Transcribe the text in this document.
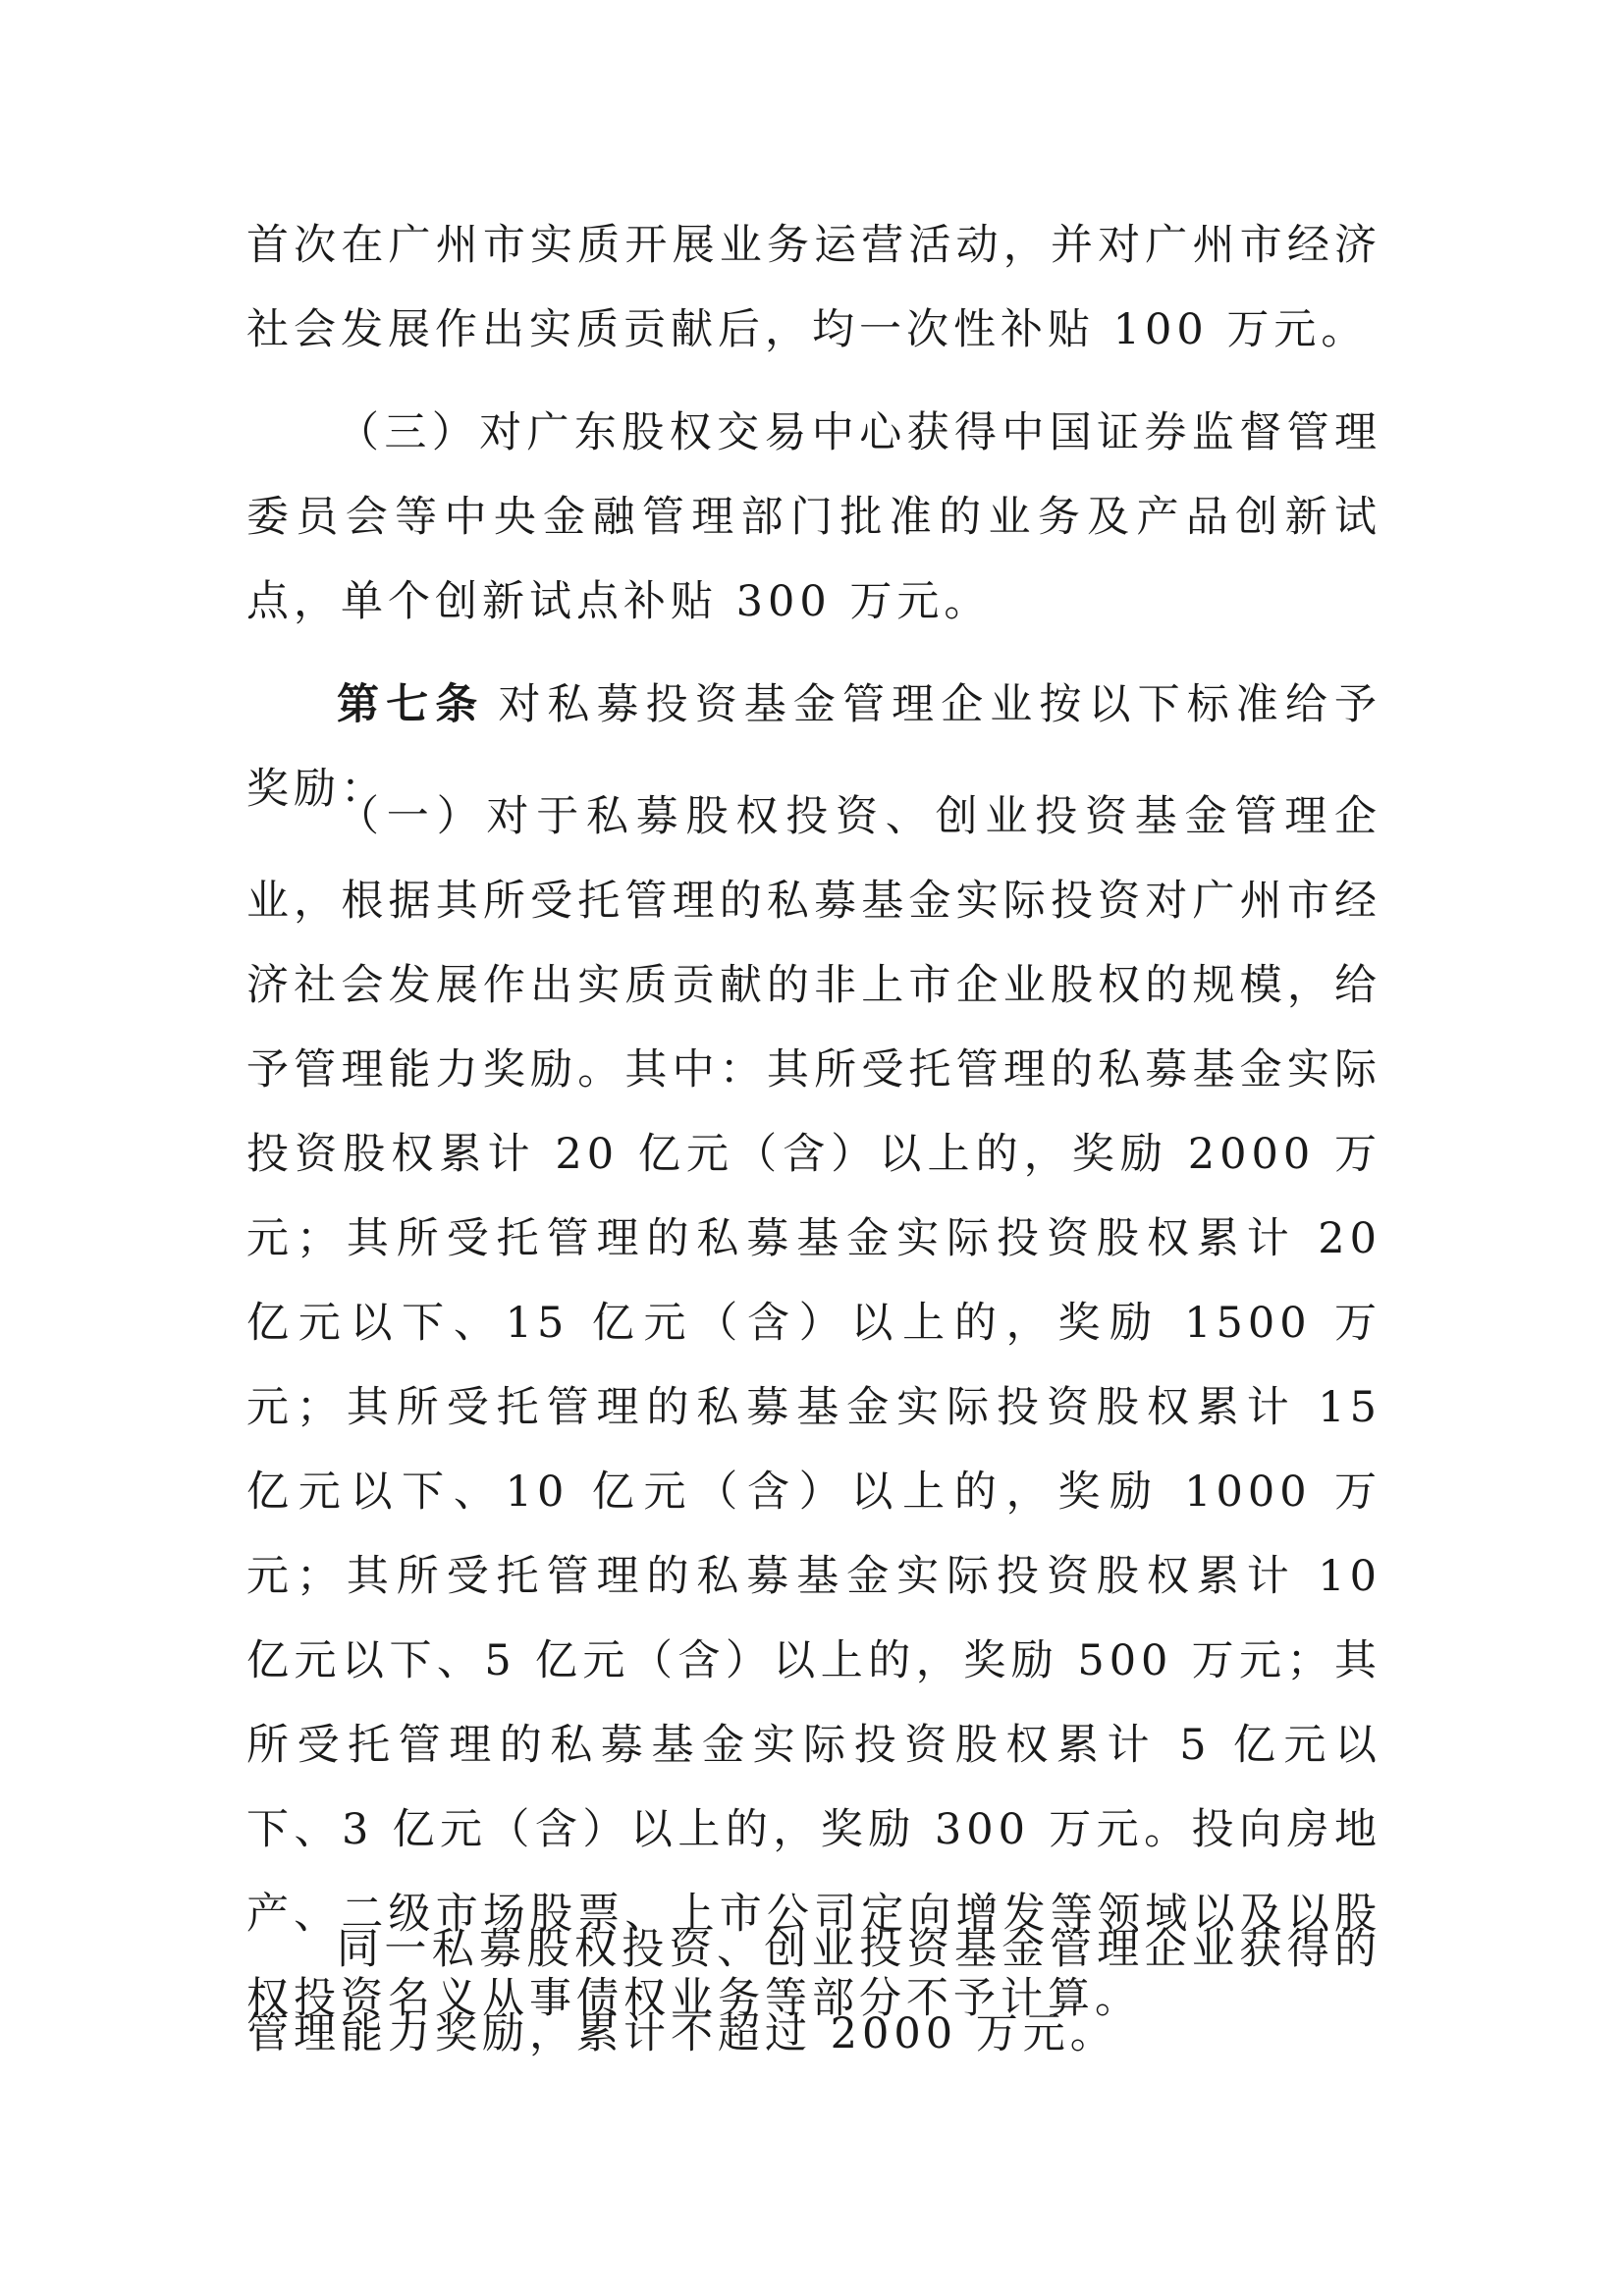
首次在广州市实质开展业务运营活动，并对广州市经济社会发展作出实质贡献后，均一次性补贴 100 万元。

（三）对广东股权交易中心获得中国证券监督管理委员会等中央金融管理部门批准的业务及产品创新试点，单个创新试点补贴 300 万元。

第七条 对私募投资基金管理企业按以下标准给予奖励：

（一）对于私募股权投资、创业投资基金管理企业，根据其所受托管理的私募基金实际投资对广州市经济社会发展作出实质贡献的非上市企业股权的规模，给予管理能力奖励。其中：其所受托管理的私募基金实际投资股权累计 20 亿元（含）以上的，奖励 2000 万元；其所受托管理的私募基金实际投资股权累计 20 亿元以下、15 亿元（含）以上的，奖励 1500 万元；其所受托管理的私募基金实际投资股权累计 15 亿元以下、10 亿元（含）以上的，奖励 1000 万元；其所受托管理的私募基金实际投资股权累计 10 亿元以下、5 亿元（含）以上的，奖励 500 万元；其所受托管理的私募基金实际投资股权累计 5 亿元以下、3 亿元（含）以上的，奖励 300 万元。投向房地产、二级市场股票、上市公司定向增发等领域以及以股权投资名义从事债权业务等部分不予计算。

同一私募股权投资、创业投资基金管理企业获得的管理能力奖励，累计不超过 2000 万元。
